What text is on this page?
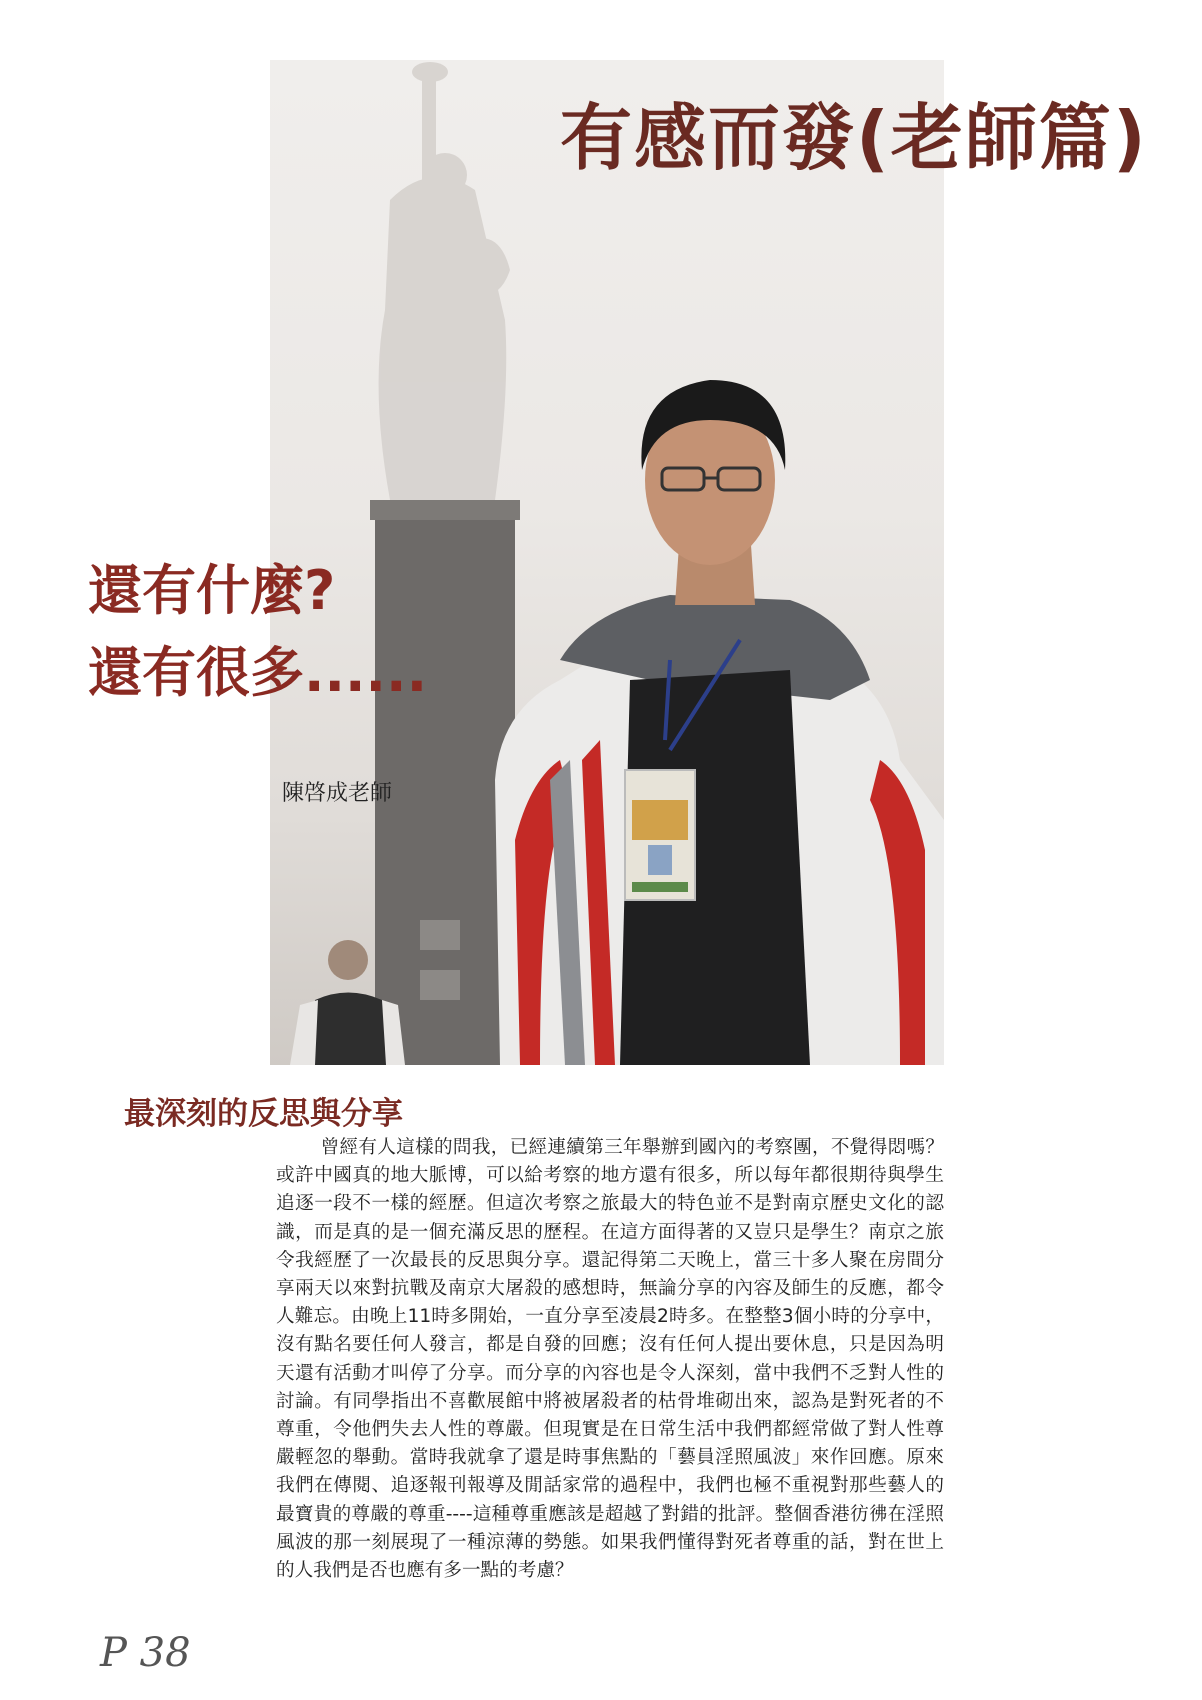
有感而發(老師篇)
還有什麼?
還有很多......
陳啓成老師
最深刻的反思與分享

曾經有人這樣的問我，已經連續第三年舉辦到國內的考察團，不覺得悶嗎？或許中國真的地大脈博，可以給考察的地方還有很多，所以每年都很期待與學生追逐一段不一樣的經歷。但這次考察之旅最大的特色並不是對南京歷史文化的認識，而是真的是一個充滿反思的歷程。在這方面得著的又豈只是學生？南京之旅令我經歷了一次最長的反思與分享。還記得第二天晚上，當三十多人聚在房間分享兩天以來對抗戰及南京大屠殺的感想時，無論分享的內容及師生的反應，都令人難忘。由晚上11時多開始，一直分享至凌晨2時多。在整整3個小時的分享中，沒有點名要任何人發言，都是自發的回應；沒有任何人提出要休息，只是因為明天還有活動才叫停了分享。而分享的內容也是令人深刻，當中我們不乏對人性的討論。有同學指出不喜歡展館中將被屠殺者的枯骨堆砌出來，認為是對死者的不尊重，令他們失去人性的尊嚴。但現實是在日常生活中我們都經常做了對人性尊嚴輕忽的舉動。當時我就拿了還是時事焦點的「藝員淫照風波」來作回應。原來我們在傳閱、追逐報刊報導及閒話家常的過程中，我們也極不重視對那些藝人的最寶貴的尊嚴的尊重----這種尊重應該是超越了對錯的批評。整個香港彷彿在淫照風波的那一刻展現了一種涼薄的勢態。如果我們懂得對死者尊重的話，對在世上的人我們是否也應有多一點的考慮？

P 38
